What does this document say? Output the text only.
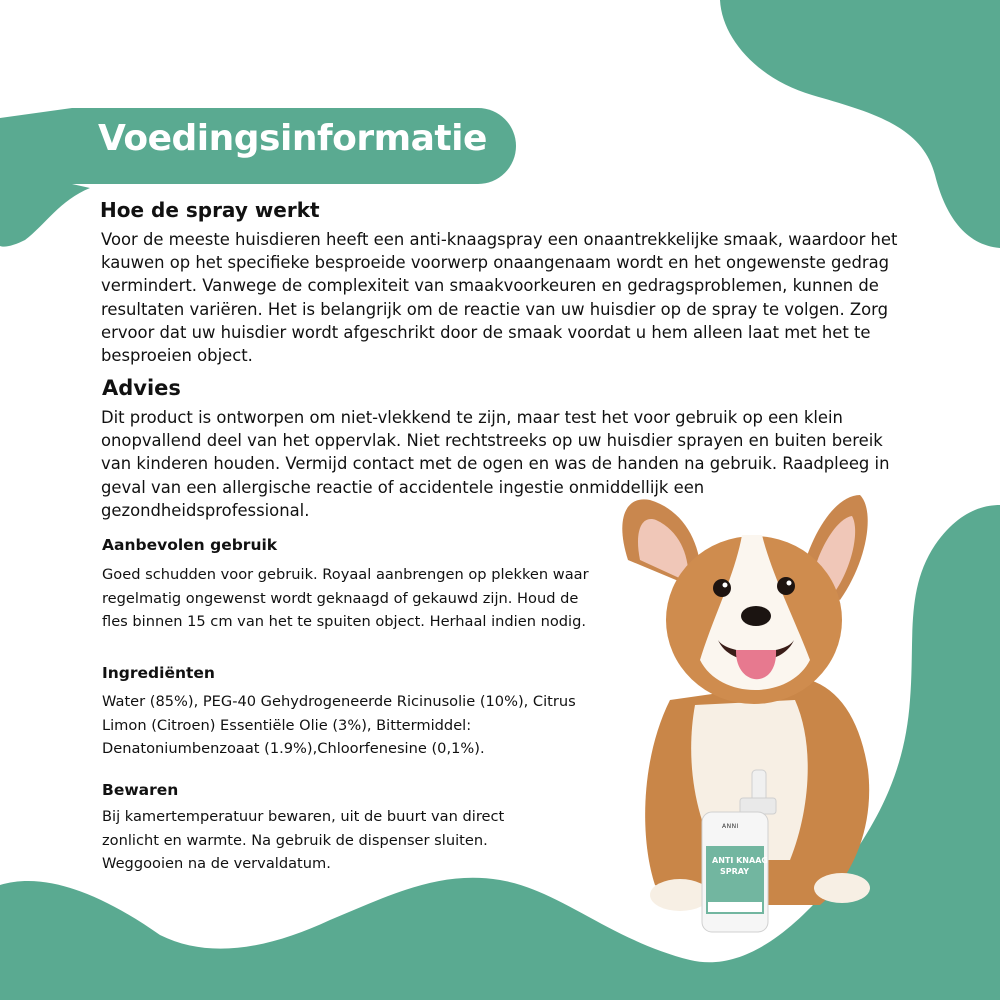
Voedingsinformatie
Hoe de spray werkt
Voor de meeste huisdieren heeft een anti-knaagspray een onaantrekkelijke smaak, waardoor het kauwen op het specifieke besproeide voorwerp onaangenaam wordt en het ongewenste gedrag vermindert. Vanwege de complexiteit van smaakvoorkeuren en gedragsproblemen, kunnen de resultaten variëren. Het is belangrijk om de reactie van uw huisdier op de spray te volgen. Zorg ervoor dat uw huisdier wordt afgeschrikt door de smaak voordat u hem alleen laat met het te besproeien object.
Advies
Dit product is ontworpen om niet-vlekkend te zijn, maar test het voor gebruik op een klein onopvallend deel van het oppervlak. Niet rechtstreeks op uw huisdier sprayen en buiten bereik van kinderen houden. Vermijd contact met de ogen en was de handen na gebruik. Raadpleeg in geval van een allergische reactie of accidentele ingestie onmiddellijk een gezondheidsprofessional.
Aanbevolen gebruik
Goed schudden voor gebruik. Royaal aanbrengen op plekken waar regelmatig ongewenst wordt geknaagd of gekauwd zijn. Houd de fles binnen 15 cm van het te spuiten object. Herhaal indien nodig.
Ingrediënten
Water (85%), PEG-40 Gehydrogeneerde Ricinusolie (10%), Citrus Limon (Citroen) Essentiële Olie (3%), Bittermiddel: Denatoniumbenzoaat (1.9%),Chloorfenesine (0,1%).
Bewaren
Bij kamertemperatuur bewaren, uit de buurt van direct zonlicht en warmte. Na gebruik de dispenser sluiten. Weggooien na de vervaldatum.
ANNI
ANTI KNAAG
SPRAY
